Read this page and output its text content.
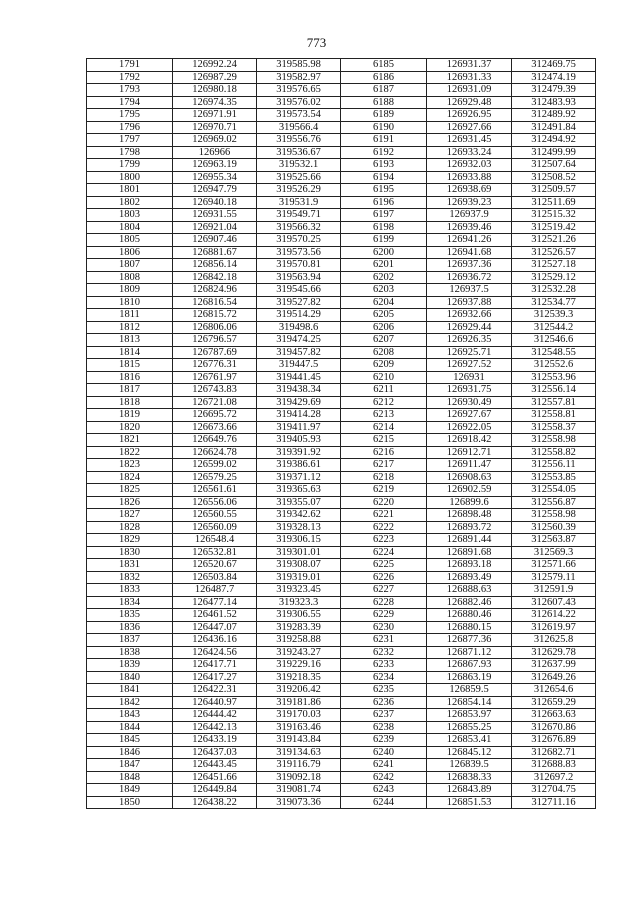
773
1791	126992.24	319585.98	6185	126931.37	312469.75
1792	126987.29	319582.97	6186	126931.33	312474.19
1793	126980.18	319576.65	6187	126931.09	312479.39
1794	126974.35	319576.02	6188	126929.48	312483.93
1795	126971.91	319573.54	6189	126926.95	312489.92
1796	126970.71	319566.4	6190	126927.66	312491.84
1797	126969.02	319556.76	6191	126931.45	312494.92
1798	126966	319536.67	6192	126933.24	312499.99
1799	126963.19	319532.1	6193	126932.03	312507.64
1800	126955.34	319525.66	6194	126933.88	312508.52
1801	126947.79	319526.29	6195	126938.69	312509.57
1802	126940.18	319531.9	6196	126939.23	312511.69
1803	126931.55	319549.71	6197	126937.9	312515.32
1804	126921.04	319566.32	6198	126939.46	312519.42
1805	126907.46	319570.25	6199	126941.26	312521.26
1806	126881.67	319573.56	6200	126941.68	312526.57
1807	126856.14	319570.81	6201	126937.36	312527.18
1808	126842.18	319563.94	6202	126936.72	312529.12
1809	126824.96	319545.66	6203	126937.5	312532.28
1810	126816.54	319527.82	6204	126937.88	312534.77
1811	126815.72	319514.29	6205	126932.66	312539.3
1812	126806.06	319498.6	6206	126929.44	312544.2
1813	126796.57	319474.25	6207	126926.35	312546.6
1814	126787.69	319457.82	6208	126925.71	312548.55
1815	126776.31	319447.5	6209	126927.52	312552.6
1816	126761.97	319441.45	6210	126931	312553.96
1817	126743.83	319438.34	6211	126931.75	312556.14
1818	126721.08	319429.69	6212	126930.49	312557.81
1819	126695.72	319414.28	6213	126927.67	312558.81
1820	126673.66	319411.97	6214	126922.05	312558.37
1821	126649.76	319405.93	6215	126918.42	312558.98
1822	126624.78	319391.92	6216	126912.71	312558.82
1823	126599.02	319386.61	6217	126911.47	312556.11
1824	126579.25	319371.12	6218	126908.63	312553.85
1825	126561.61	319365.63	6219	126902.59	312554.05
1826	126556.06	319355.07	6220	126899.6	312556.87
1827	126560.55	319342.62	6221	126898.48	312558.98
1828	126560.09	319328.13	6222	126893.72	312560.39
1829	126548.4	319306.15	6223	126891.44	312563.87
1830	126532.81	319301.01	6224	126891.68	312569.3
1831	126520.67	319308.07	6225	126893.18	312571.66
1832	126503.84	319319.01	6226	126893.49	312579.11
1833	126487.7	319323.45	6227	126888.63	312591.9
1834	126477.14	319323.3	6228	126882.46	312607.43
1835	126461.52	319306.55	6229	126880.46	312614.22
1836	126447.07	319283.39	6230	126880.15	312619.97
1837	126436.16	319258.88	6231	126877.36	312625.8
1838	126424.56	319243.27	6232	126871.12	312629.78
1839	126417.71	319229.16	6233	126867.93	312637.99
1840	126417.27	319218.35	6234	126863.19	312649.26
1841	126422.31	319206.42	6235	126859.5	312654.6
1842	126440.97	319181.86	6236	126854.14	312659.29
1843	126444.42	319170.03	6237	126853.97	312663.63
1844	126442.13	319163.46	6238	126855.25	312670.86
1845	126433.19	319143.84	6239	126853.41	312676.89
1846	126437.03	319134.63	6240	126845.12	312682.71
1847	126443.45	319116.79	6241	126839.5	312688.83
1848	126451.66	319092.18	6242	126838.33	312697.2
1849	126449.84	319081.74	6243	126843.89	312704.75
1850	126438.22	319073.36	6244	126851.53	312711.16
